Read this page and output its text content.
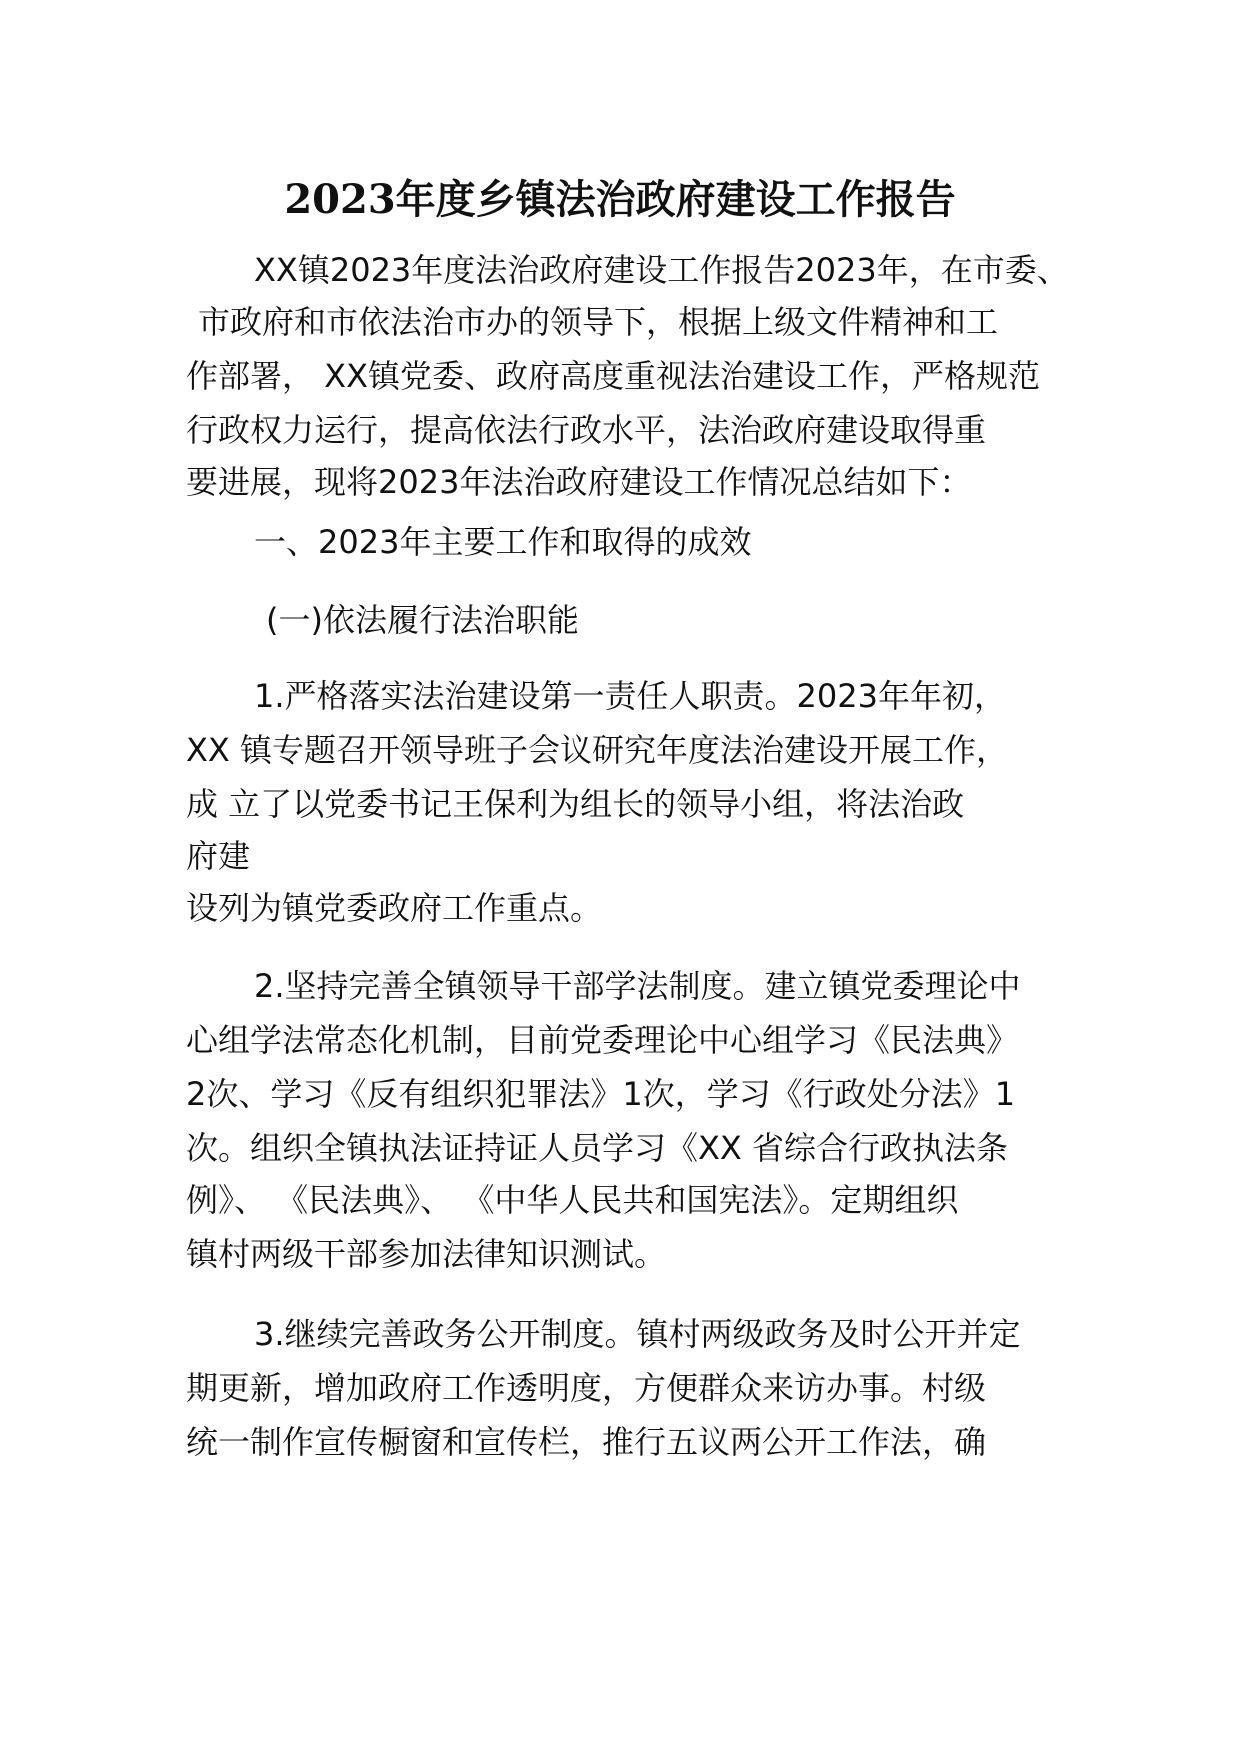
2023年度乡镇法治政府建设工作报告
XX镇2023年度法治政府建设工作报告2023年，在市委、
市政府和市依法治市办的领导下，根据上级文件精神和工
作部署， XX镇党委、政府高度重视法治建设工作，严格规范
行政权力运行，提高依法行政水平，法治政府建设取得重
要进展，现将2023年法治政府建设工作情况总结如下：
一、2023年主要工作和取得的成效
(一)依法履行法治职能
1.严格落实法治建设第一责任人职责。2023年年初，
XX 镇专题召开领导班子会议研究年度法治建设开展工作，
成 立了以党委书记王保利为组长的领导小组，将法治政
府建
设列为镇党委政府工作重点。
2.坚持完善全镇领导干部学法制度。建立镇党委理论中
心组学法常态化机制，目前党委理论中心组学习《民法典》
2次、学习《反有组织犯罪法》1次，学习《行政处分法》1
次。组织全镇执法证持证人员学习《XX 省综合行政执法条
例》、 《民法典》、 《中华人民共和国宪法》。定期组织
镇村两级干部参加法律知识测试。
3.继续完善政务公开制度。镇村两级政务及时公开并定
期更新，增加政府工作透明度，方便群众来访办事。村级
统一制作宣传橱窗和宣传栏，推行五议两公开工作法，确
